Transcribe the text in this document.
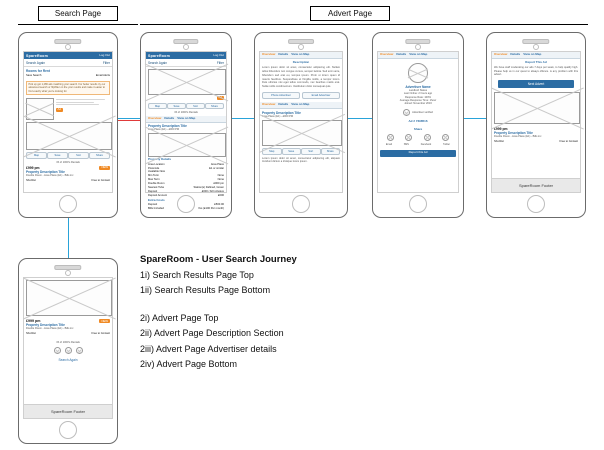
Search Page	Advert Page
SpareRoom	Log Out
Search Again	Filter
Rooms for Rent
Save Search	Email Alerts
Pick up got 1,286 ads matching your search. For better results try our advanced search or flip/filter on the your results and make it easier to find exactly what you're looking for.
Ad
Map	Save	Sort	Share
15 of 1000's Rentals
£999 pm	NEW
Property Description Title
Double Room - Area Place (E1) - Bills inc
Shortlist	Free to Contact
SpareRoom	Log Out
Search Again	Filter
Map	Save	Sort	Share
15 of 1000's Rentals
Overview Details View on Map
Property Description Title
Area Place (E1) - £000 PM
Property Details
Area Location	Area Place
Postcode	E1 or similar
Available Now
Min Term	None
Max Term	None
Double Room	£000 pm
Nearest Tube	Station(s) Defined, Green
Deposit	£000 / All Inclusive
Deposit Amount	£000
Extra Costs
Deposit	£500.00
Bills Included	Yes (£100 Per month)
Overview Details View on Map
Description
Lorem ipsum dolor sit amet, consectetur adipiscing elit. Nullam tellus bibendum non congue cursus, semper lacinia. Sed enim ante, bibendum sed erat eu, tempus ipsum. Proin ut lorem quam id mauris faucibus. Suspendisse et fringilla mollis, a tempor lorem. Duis ultricies nisi eget tellus commodo, nec faucibus mattis erat. Nulla mollis condimentum. Vestibulum dolor consequat quis.
Phone Advertiser	Email Advertiser
Overview Details View on Map
Property Description Title
Area Place (E1) - £000 PM
Map	Save	Sort	Share
Lorem ipsum dolor sit amet, consectetur adipiscing elit, aliquam tincidunt dictum a tristique lorem ipsum.
Overview Details View on Map
Advertiser Name
Landlord Status
Last Online: 2 hours ago
Response Rate: 100%
Average Response Time: 1hour
Joined: November 2016
Advertiser verified
Ad # 7398516
Share
Email	SMS	Facebook	Twitter
Report this Ad
Overview Details View on Map
Report This Ad
We have staff moderating our ads 7 days per week, to help qualify high. Please help us in our quest to always offence. is any problem with this advert.
Next Advert
£999 pm
Property Description Title
Double Room - Area Place (E1) - Bills inc
Shortlist	Free to Contact
SpareRoom Footer
£999 pm	NEW
Property Description Title
Double Room - Area Place (E1) - Bills inc
Shortlist	Free to Contact
15 of 1000's Rentals
Search Again
SpareRoom Footer
SpareRoom - User Search Journey
1i) Search Results Page Top
1ii) Search Results Page Bottom
2i) Advert Page Top
2ii) Advert Page Description Section
2iii) Advert Page Advertiser details
2iv) Advert Page Bottom
